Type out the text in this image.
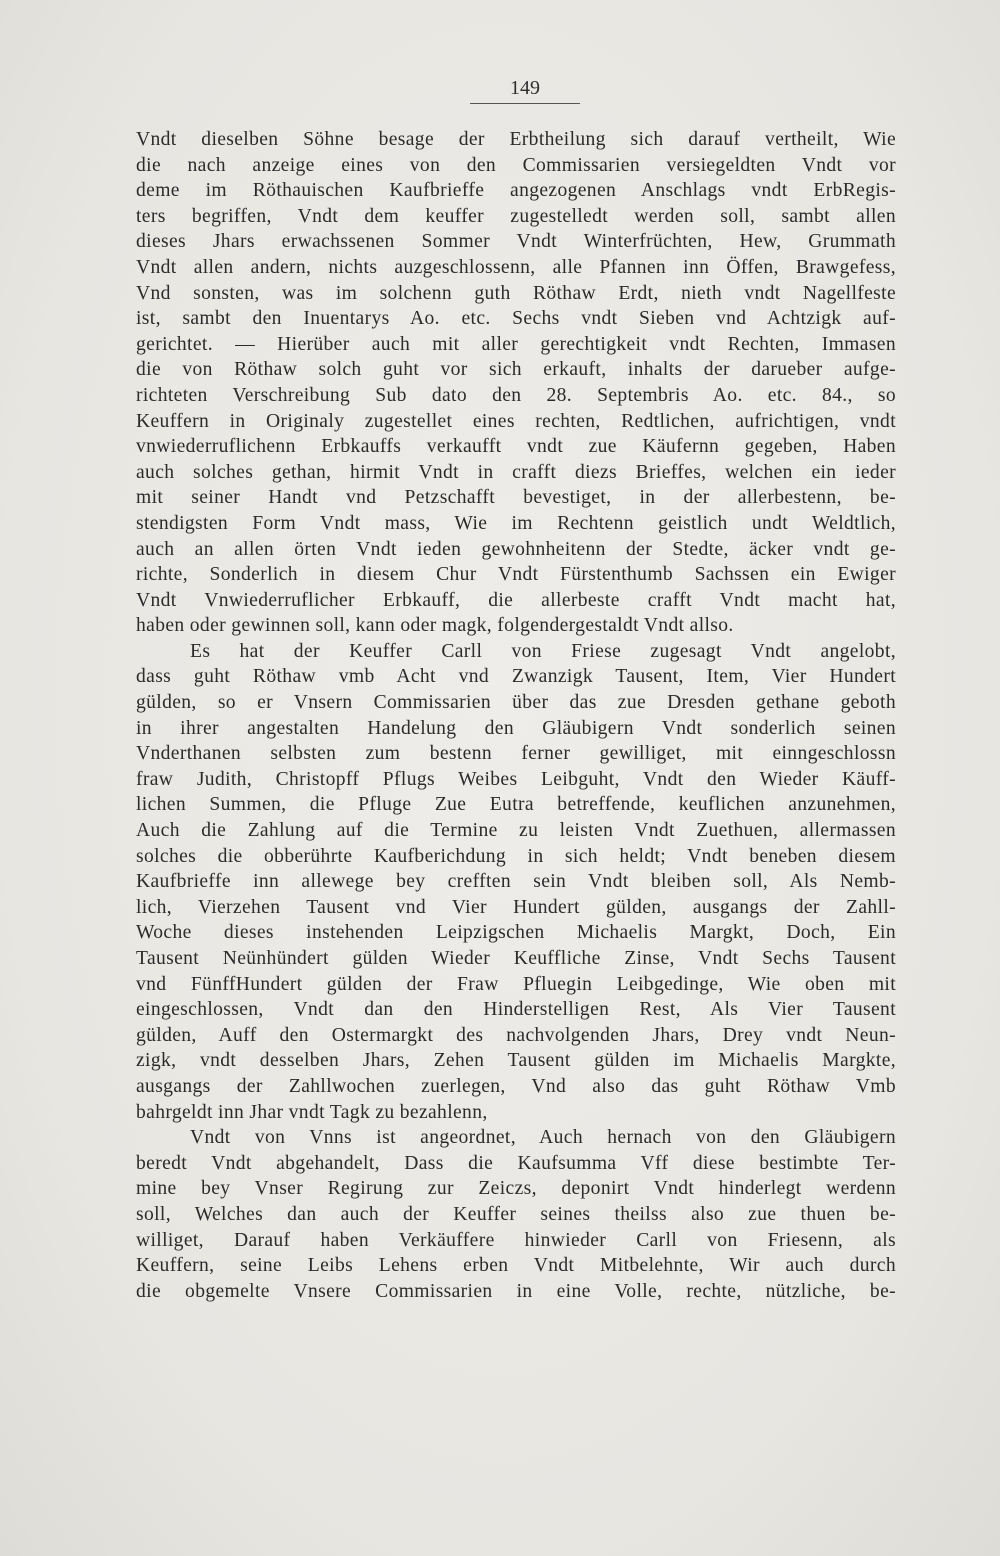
149
Vndt dieselben Söhne besage der Erbtheilung sich darauf vertheilt, Wie
die nach anzeige eines von den Commissarien versiegeldten Vndt vor
deme im Röthauischen Kaufbrieffe angezogenen Anschlags vndt ErbRegis-
ters begriffen, Vndt dem keuffer zugestelledt werden soll, sambt allen
dieses Jhars erwachssenen Sommer Vndt Winterfrüchten, Hew, Grummath
Vndt allen andern, nichts auzgeschlossenn, alle Pfannen inn Öffen, Brawgefess,
Vnd sonsten, was im solchenn guth Röthaw Erdt, nieth vndt Nagellfeste
ist, sambt den Inuentarys Ao. etc. Sechs vndt Sieben vnd Achtzigk auf-
gerichtet. — Hierüber auch mit aller gerechtigkeit vndt Rechten, Immasen
die von Röthaw solch guht vor sich erkauft, inhalts der darueber aufge-
richteten Verschreibung Sub dato den 28. Septembris Ao. etc. 84., so
Keuffern in Originaly zugestellet eines rechten, Redtlichen, aufrichtigen, vndt
vnwiederruflichenn Erbkauffs verkaufft vndt zue Käufernn gegeben, Haben
auch solches gethan, hirmit Vndt in crafft diezs Brieffes, welchen ein ieder
mit seiner Handt vnd Petzschafft bevestiget, in der allerbestenn, be-
stendigsten Form Vndt mass, Wie im Rechtenn geistlich undt Weldtlich,
auch an allen örten Vndt ieden gewohnheitenn der Stedte, äcker vndt ge-
richte, Sonderlich in diesem Chur Vndt Fürstenthumb Sachssen ein Ewiger
Vndt Vnwiederruflicher Erbkauff, die allerbeste crafft Vndt macht hat,
haben oder gewinnen soll, kann oder magk, folgendergestaldt Vndt allso.
Es hat der Keuffer Carll von Friese zugesagt Vndt angelobt,
dass guht Röthaw vmb Acht vnd Zwanzigk Tausent, Item, Vier Hundert
gülden, so er Vnsern Commissarien über das zue Dresden gethane geboth
in ihrer angestalten Handelung den Gläubigern Vndt sonderlich seinen
Vnderthanen selbsten zum bestenn ferner gewilliget, mit einngeschlossn
fraw Judith, Christopff Pflugs Weibes Leibguht, Vndt den Wieder Käuff-
lichen Summen, die Pfluge Zue Eutra betreffende, keuflichen anzunehmen,
Auch die Zahlung auf die Termine zu leisten Vndt Zuethuen, allermassen
solches die obberührte Kaufberichdung in sich heldt; Vndt beneben diesem
Kaufbrieffe inn allewege bey crefften sein Vndt bleiben soll, Als Nemb-
lich, Vierzehen Tausent vnd Vier Hundert gülden, ausgangs der Zahll-
Woche dieses instehenden Leipzigschen Michaelis Margkt, Doch, Ein
Tausent Neünhündert gülden Wieder Keuffliche Zinse, Vndt Sechs Tausent
vnd FünffHundert gülden der Fraw Pfluegin Leibgedinge, Wie oben mit
eingeschlossen, Vndt dan den Hinderstelligen Rest, Als Vier Tausent
gülden, Auff den Ostermargkt des nachvolgenden Jhars, Drey vndt Neun-
zigk, vndt desselben Jhars, Zehen Tausent gülden im Michaelis Margkte,
ausgangs der Zahllwochen zuerlegen, Vnd also das guht Röthaw Vmb
bahrgeldt inn Jhar vndt Tagk zu bezahlenn,
Vndt von Vnns ist angeordnet, Auch hernach von den Gläubigern
beredt Vndt abgehandelt, Dass die Kaufsumma Vff diese bestimbte Ter-
mine bey Vnser Regirung zur Zeiczs, deponirt Vndt hinderlegt werdenn
soll, Welches dan auch der Keuffer seines theilss also zue thuen be-
williget, Darauf haben Verkäuffere hinwieder Carll von Friesenn, als
Keuffern, seine Leibs Lehens erben Vndt Mitbelehnte, Wir auch durch
die obgemelte Vnsere Commissarien in eine Volle, rechte, nützliche, be-
